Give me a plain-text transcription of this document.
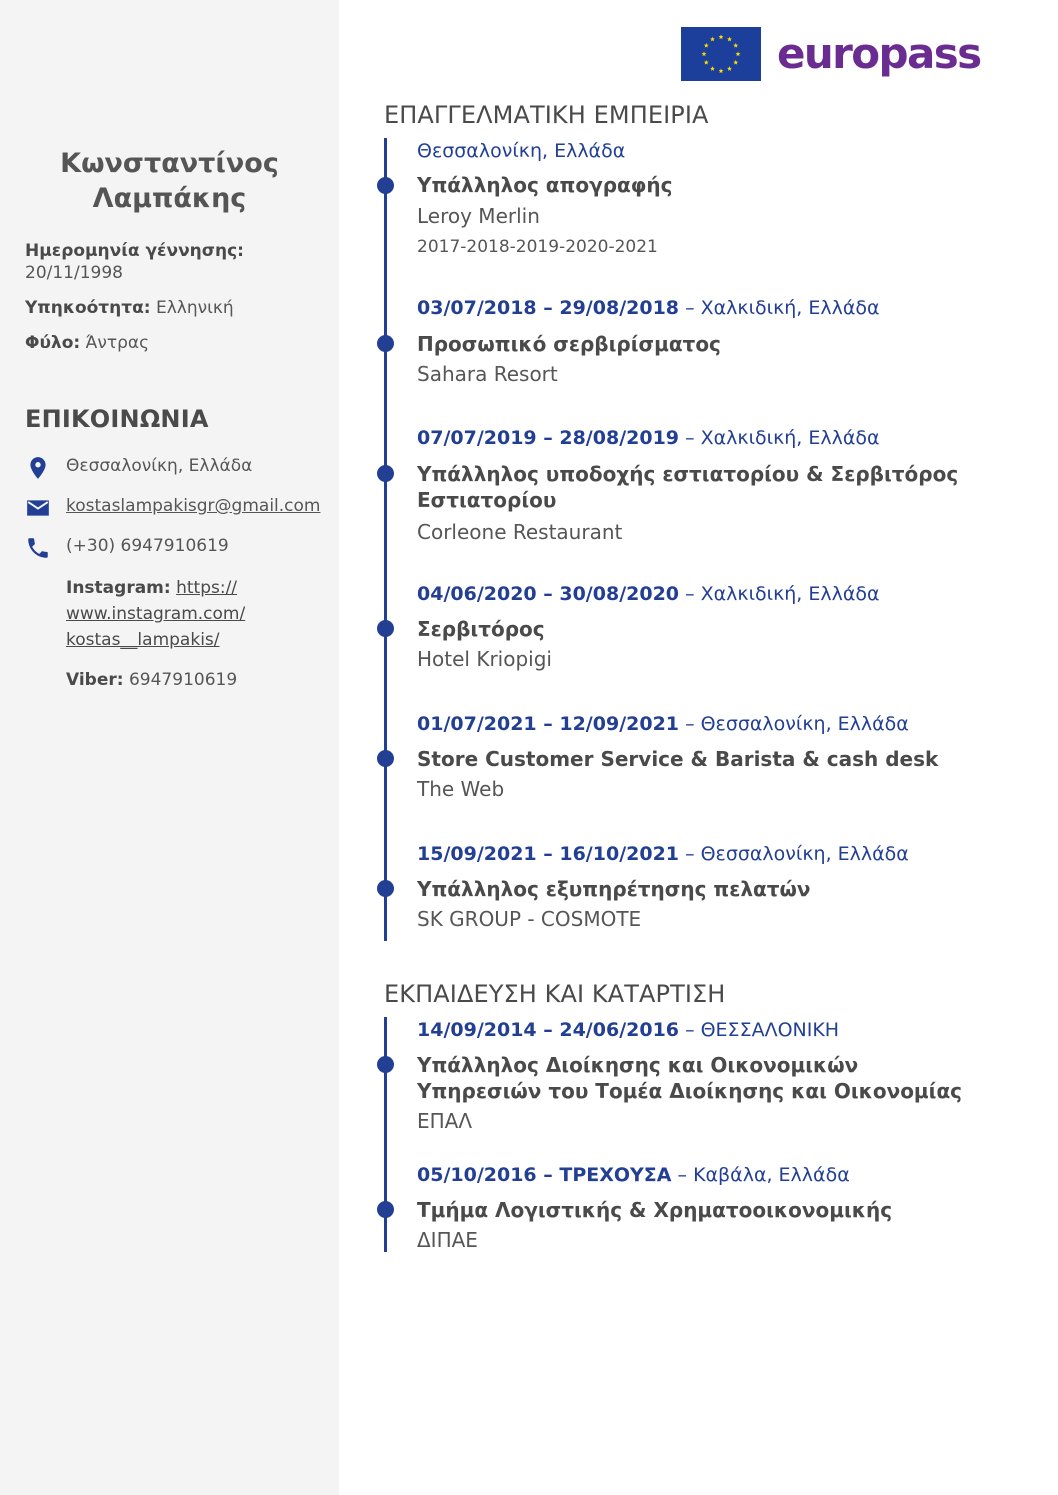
Κωνσταντίνος
Λαμπάκης
Ημερομηνία γέννησης:
20/11/1998
Υπηκοότητα: Ελληνική
Φύλο: Άντρας
ΕΠΙΚΟΙΝΩΝΙΑ
Θεσσαλονίκη, Ελλάδα
kostaslampakisgr@gmail.com
(+30) 6947910619
Instagram: https://
www.instagram.com/
kostas__lampakis/
Viber: 6947910619
europass
ΕΠΑΓΓΕΛΜΑΤΙΚΗ ΕΜΠΕΙΡΙΑ
Θεσσαλονίκη, Ελλάδα
Υπάλληλος απογραφής
Leroy Merlin
2017-2018-2019-2020-2021
03/07/2018 – 29/08/2018 – Χαλκιδική, Ελλάδα
Προσωπικό σερβιρίσματος
Sahara Resort
07/07/2019 – 28/08/2019 – Χαλκιδική, Ελλάδα
Υπάλληλος υποδοχής εστιατορίου & Σερβιτόρος Εστιατορίου
Corleone Restaurant
04/06/2020 – 30/08/2020 – Χαλκιδική, Ελλάδα
Σερβιτόρος
Hotel Kriopigi
01/07/2021 – 12/09/2021 – Θεσσαλονίκη, Ελλάδα
Store Customer Service & Barista & cash desk
The Web
15/09/2021 – 16/10/2021 – Θεσσαλονίκη, Ελλάδα
Υπάλληλος εξυπηρέτησης πελατών
SK GROUP - COSMOTE
ΕΚΠΑΙΔΕΥΣΗ ΚΑΙ ΚΑΤΑΡΤΙΣΗ
14/09/2014 – 24/06/2016 – ΘΕΣΣΑΛΟΝΙΚΗ
Υπάλληλος Διοίκησης και Οικονομικών Υπηρεσιών του Τομέα Διοίκησης και Οικονομίας
ΕΠΑΛ
05/10/2016 – ΤΡΕΧΟΥΣΑ – Καβάλα, Ελλάδα
Τμήμα Λογιστικής & Χρηματοοικονομικής
ΔΙΠΑΕ
